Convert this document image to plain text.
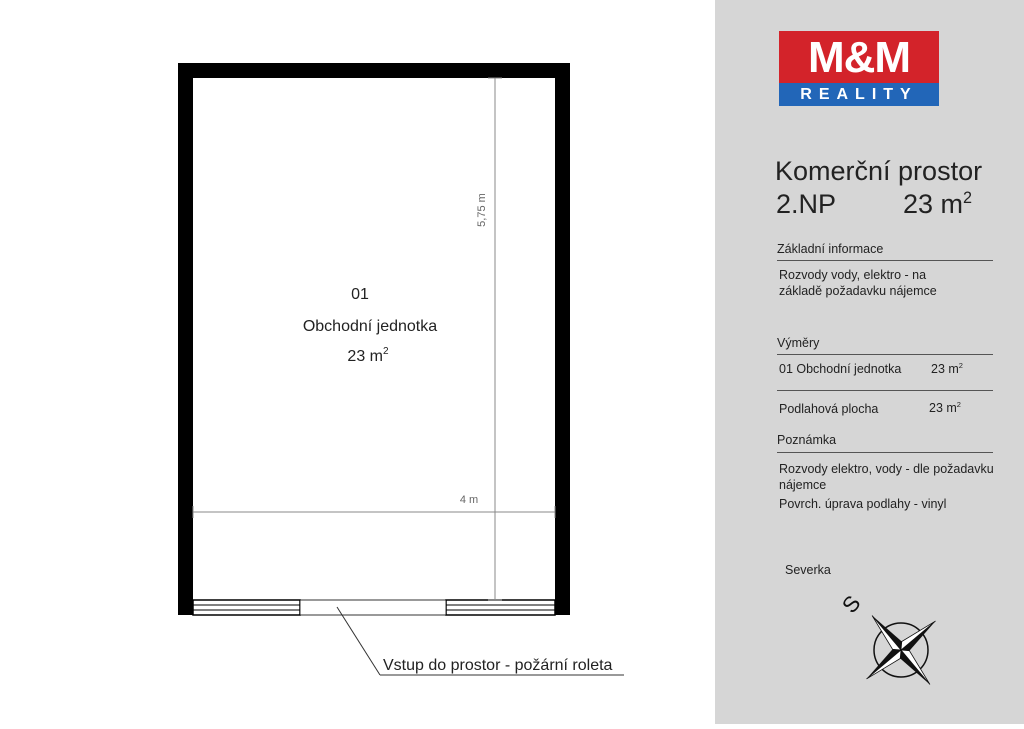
5,75 m
4 m
01
Obchodní jednotka
23 $m^2$
Vstup do prostor - požární roleta
M&M
REALITY
Komerční prostor
2.NP 23 $m^2$
Základní informace
Rozvody vody, elektro - na
základě požadavku nájemce
Výměry
01 Obchodní jednotka 23 $m^2$
Podlahová plocha	23 $m^2$
Poznámka
Rozvody elektro, vody - dle požadavku
nájemce
Povrch. úprava podlahy - vinyl
Severka
S
